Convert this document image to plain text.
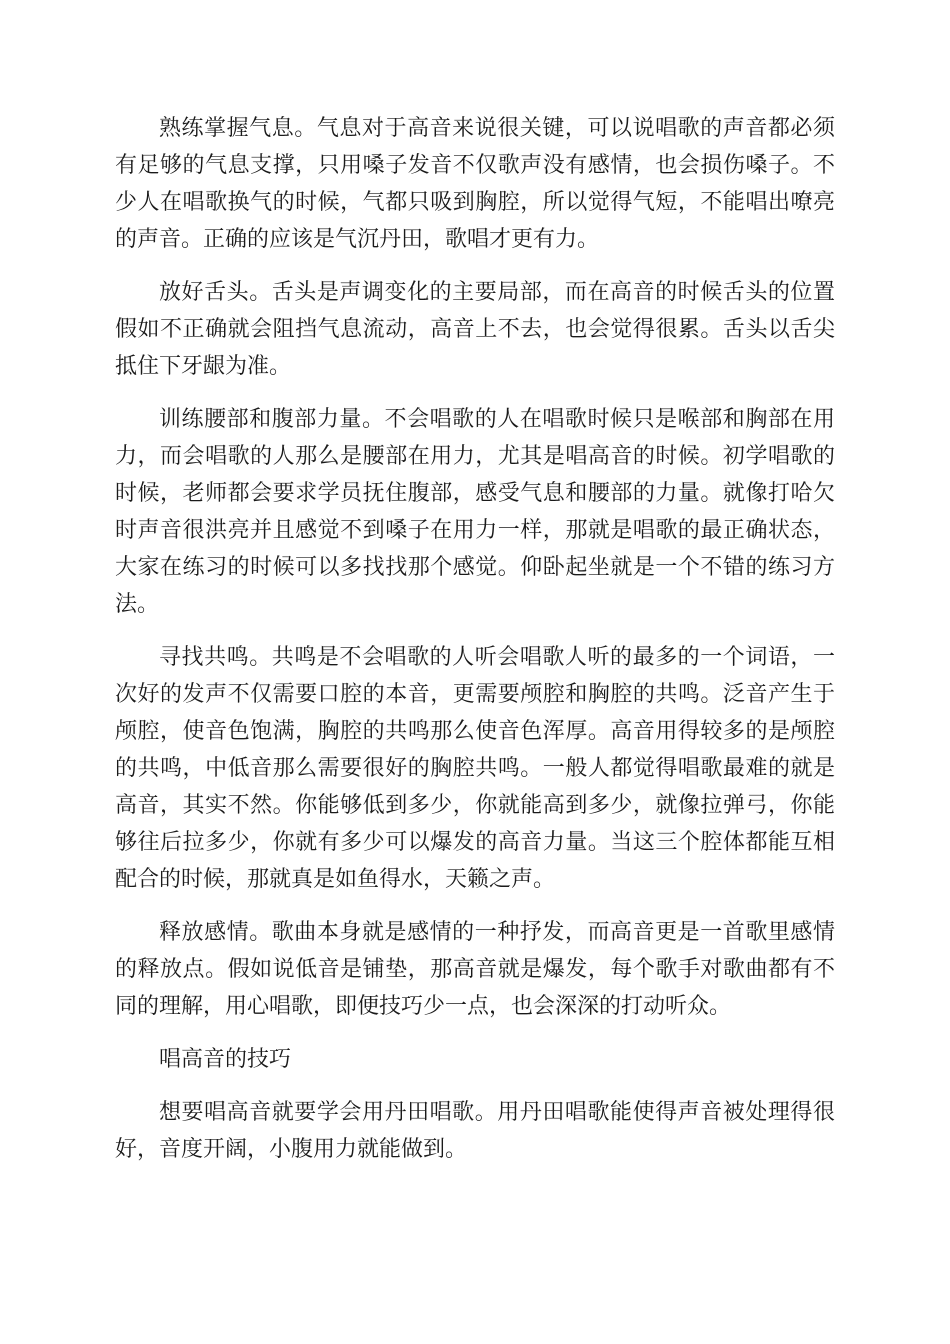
熟练掌握气息。气息对于高音来说很关键，可以说唱歌的声音都必须有足够的气息支撑，只用嗓子发音不仅歌声没有感情，也会损伤嗓子。不少人在唱歌换气的时候，气都只吸到胸腔，所以觉得气短，不能唱出嘹亮的声音。正确的应该是气沉丹田，歌唱才更有力。

放好舌头。舌头是声调变化的主要局部，而在高音的时候舌头的位置假如不正确就会阻挡气息流动，高音上不去，也会觉得很累。舌头以舌尖抵住下牙龈为准。

训练腰部和腹部力量。不会唱歌的人在唱歌时候只是喉部和胸部在用力，而会唱歌的人那么是腰部在用力，尤其是唱高音的时候。初学唱歌的时候，老师都会要求学员抚住腹部，感受气息和腰部的力量。就像打哈欠时声音很洪亮并且感觉不到嗓子在用力一样，那就是唱歌的最正确状态，大家在练习的时候可以多找找那个感觉。仰卧起坐就是一个不错的练习方法。

寻找共鸣。共鸣是不会唱歌的人听会唱歌人听的最多的一个词语，一次好的发声不仅需要口腔的本音，更需要颅腔和胸腔的共鸣。泛音产生于颅腔，使音色饱满，胸腔的共鸣那么使音色浑厚。高音用得较多的是颅腔的共鸣，中低音那么需要很好的胸腔共鸣。一般人都觉得唱歌最难的就是高音，其实不然。你能够低到多少，你就能高到多少，就像拉弹弓，你能够往后拉多少，你就有多少可以爆发的高音力量。当这三个腔体都能互相配合的时候，那就真是如鱼得水，天籁之声。

释放感情。歌曲本身就是感情的一种抒发，而高音更是一首歌里感情的释放点。假如说低音是铺垫，那高音就是爆发，每个歌手对歌曲都有不同的理解，用心唱歌，即便技巧少一点，也会深深的打动听众。

唱高音的技巧

想要唱高音就要学会用丹田唱歌。用丹田唱歌能使得声音被处理得很好，音度开阔，小腹用力就能做到。
